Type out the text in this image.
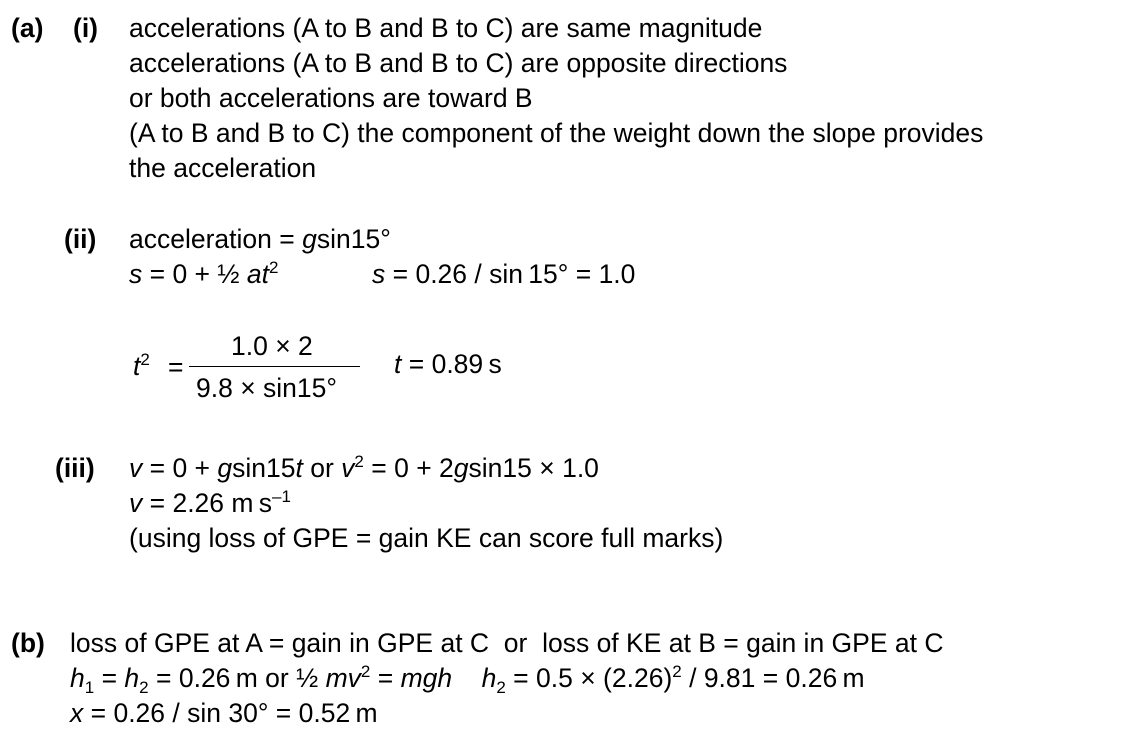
(a) (i) accelerations (A to B and B to C) are same magnitude
accelerations (A to B and B to C) are opposite directions
or both accelerations are toward B
(A to B and B to C) the component of the weight down the slope provides
the acceleration
(ii) acceleration = gsin15°
s = 0 + ½ $at^2$	s = 0.26 / sin 15° = 1.0
$t^2$ =
1.0 × 2
9.8 × sin15°
t = 0.89 s
(iii) v = 0 + gsin15t or $v^2 = 0 + 2gsin15 \times 1.0$
v = 2.26 m $s^{-1}$
(using loss of GPE = gain KE can score full marks)
(b) loss of GPE at A = gain in GPE at C  or  loss of KE at B = gain in GPE at C
$h_1 = h_2 = 0.26$ m or ½ $mv^2$ = mgh $h_2 = 0.5 \times (2.26)^2 / 9.81 = 0.26$ m
x = 0.26 / sin 30° = 0.52 m
